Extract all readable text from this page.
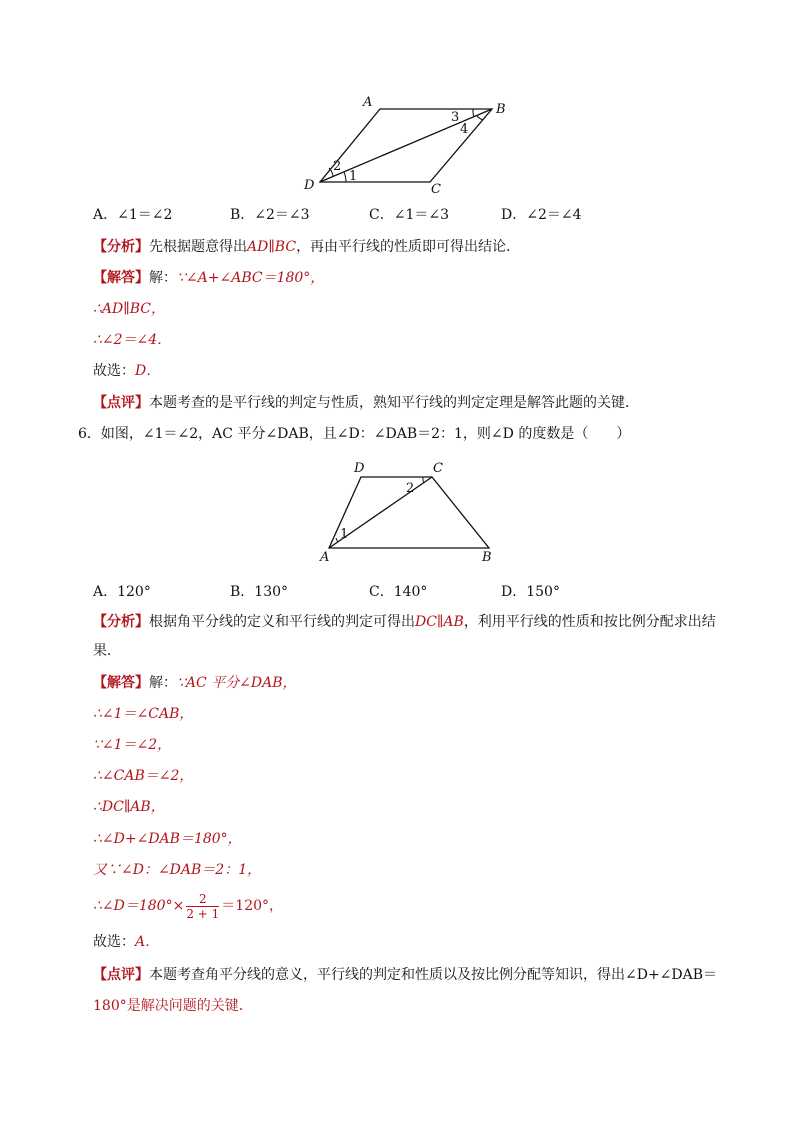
A	B
C
D
1
2
3
4
A．∠1＝∠2	B．∠2＝∠3	C．∠1＝∠3	D．∠2＝∠4
【分析】先根据题意得出AD∥BC，再由平行线的性质即可得出结论．
【解答】解：∵∠A+∠ABC＝180°，
∴AD∥BC，
∴∠2＝∠4．
故选：D．
【点评】本题考查的是平行线的判定与性质，熟知平行线的判定定理是解答此题的关键．
6．如图，∠1＝∠2，AC 平分∠DAB，且∠D：∠DAB＝2：1，则∠D 的度数是（　　）
D	C
A	B
1
2
A．120°	B．130°	C．140°	D．150°
【分析】根据角平分线的定义和平行线的判定可得出DC∥AB，利用平行线的性质和按比例分配求出结
果．
【解答】解：∵AC 平分∠DAB，
∴∠1＝∠CAB，
∵∠1＝∠2，
∴∠CAB＝∠2，
∴DC∥AB，
∴∠D+∠DAB＝180°，
又∵∠D：∠DAB＝2：1，
∴∠D＝180°× $\frac{2}{2 + 1} =120^\circ$，
故选：A．
【点评】本题考查角平分线的意义，平行线的判定和性质以及按比例分配等知识，得出∠D+∠DAB＝
180°是解决问题的关键．
